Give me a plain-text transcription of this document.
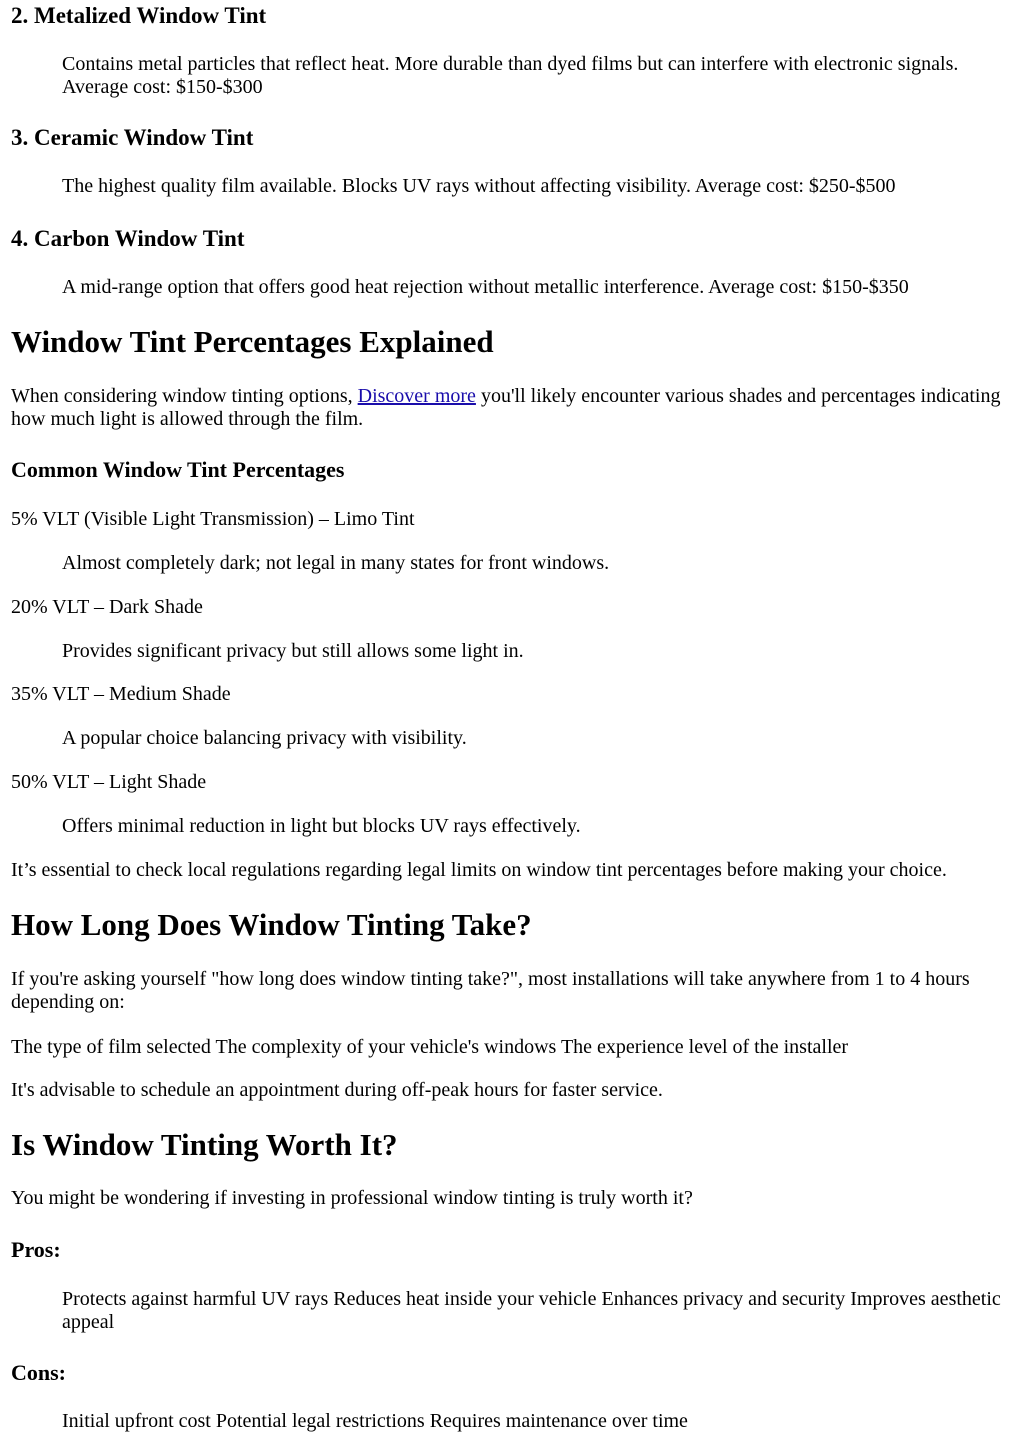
2. Metalized Window Tint

Contains metal particles that reflect heat. More durable than dyed films but can interfere with electronic signals. Average cost: $150-$300

3. Ceramic Window Tint

The highest quality film available. Blocks UV rays without affecting visibility. Average cost: $250-$500

4. Carbon Window Tint

A mid-range option that offers good heat rejection without metallic interference. Average cost: $150-$350

Window Tint Percentages Explained

When considering window tinting options, Discover more you'll likely encounter various shades and percentages indicating how much light is allowed through the film.

Common Window Tint Percentages

5% VLT (Visible Light Transmission) – Limo Tint

Almost completely dark; not legal in many states for front windows.

20% VLT – Dark Shade

Provides significant privacy but still allows some light in.

35% VLT – Medium Shade

A popular choice balancing privacy with visibility.

50% VLT – Light Shade

Offers minimal reduction in light but blocks UV rays effectively.

It’s essential to check local regulations regarding legal limits on window tint percentages before making your choice.

How Long Does Window Tinting Take?

If you're asking yourself "how long does window tinting take?", most installations will take anywhere from 1 to 4 hours depending on:

The type of film selected The complexity of your vehicle's windows The experience level of the installer

It's advisable to schedule an appointment during off-peak hours for faster service.

Is Window Tinting Worth It?

You might be wondering if investing in professional window tinting is truly worth it?

Pros:

Protects against harmful UV rays Reduces heat inside your vehicle Enhances privacy and security Improves aesthetic appeal

Cons:

Initial upfront cost Potential legal restrictions Requires maintenance over time
